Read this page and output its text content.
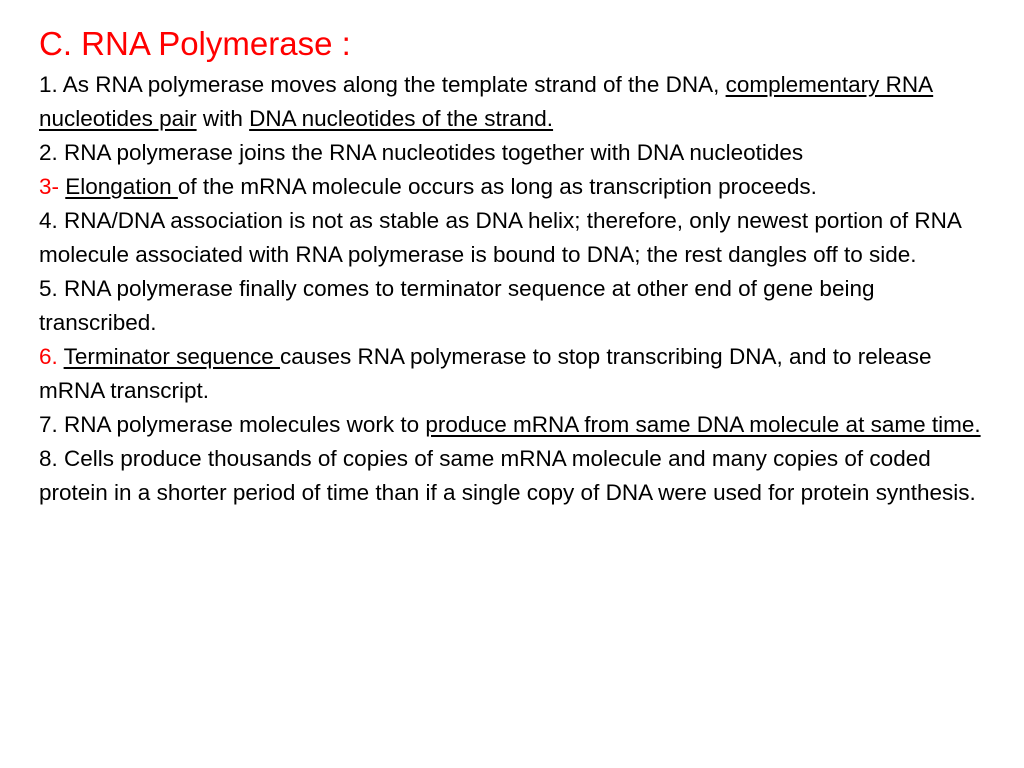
C. RNA Polymerase :

1. As RNA polymerase moves along the template strand of the DNA, complementary RNA nucleotides pair with DNA nucleotides of the strand.

2. RNA polymerase joins the RNA nucleotides together with DNA nucleotides

3- Elongation of the mRNA molecule occurs as long as transcription proceeds.

4. RNA/DNA association is not as stable as DNA helix; therefore, only newest portion of RNA molecule associated with RNA polymerase is bound to DNA; the rest dangles off to side.

5. RNA polymerase finally comes to terminator sequence at other end of gene being transcribed.

6. Terminator sequence causes RNA polymerase to stop transcribing DNA, and to release mRNA transcript.

7. RNA polymerase molecules work to produce mRNA from same DNA molecule at same time.

8. Cells produce thousands of copies of same mRNA molecule and many copies of coded protein in a shorter period of time than if a single copy of DNA were used for protein synthesis.
